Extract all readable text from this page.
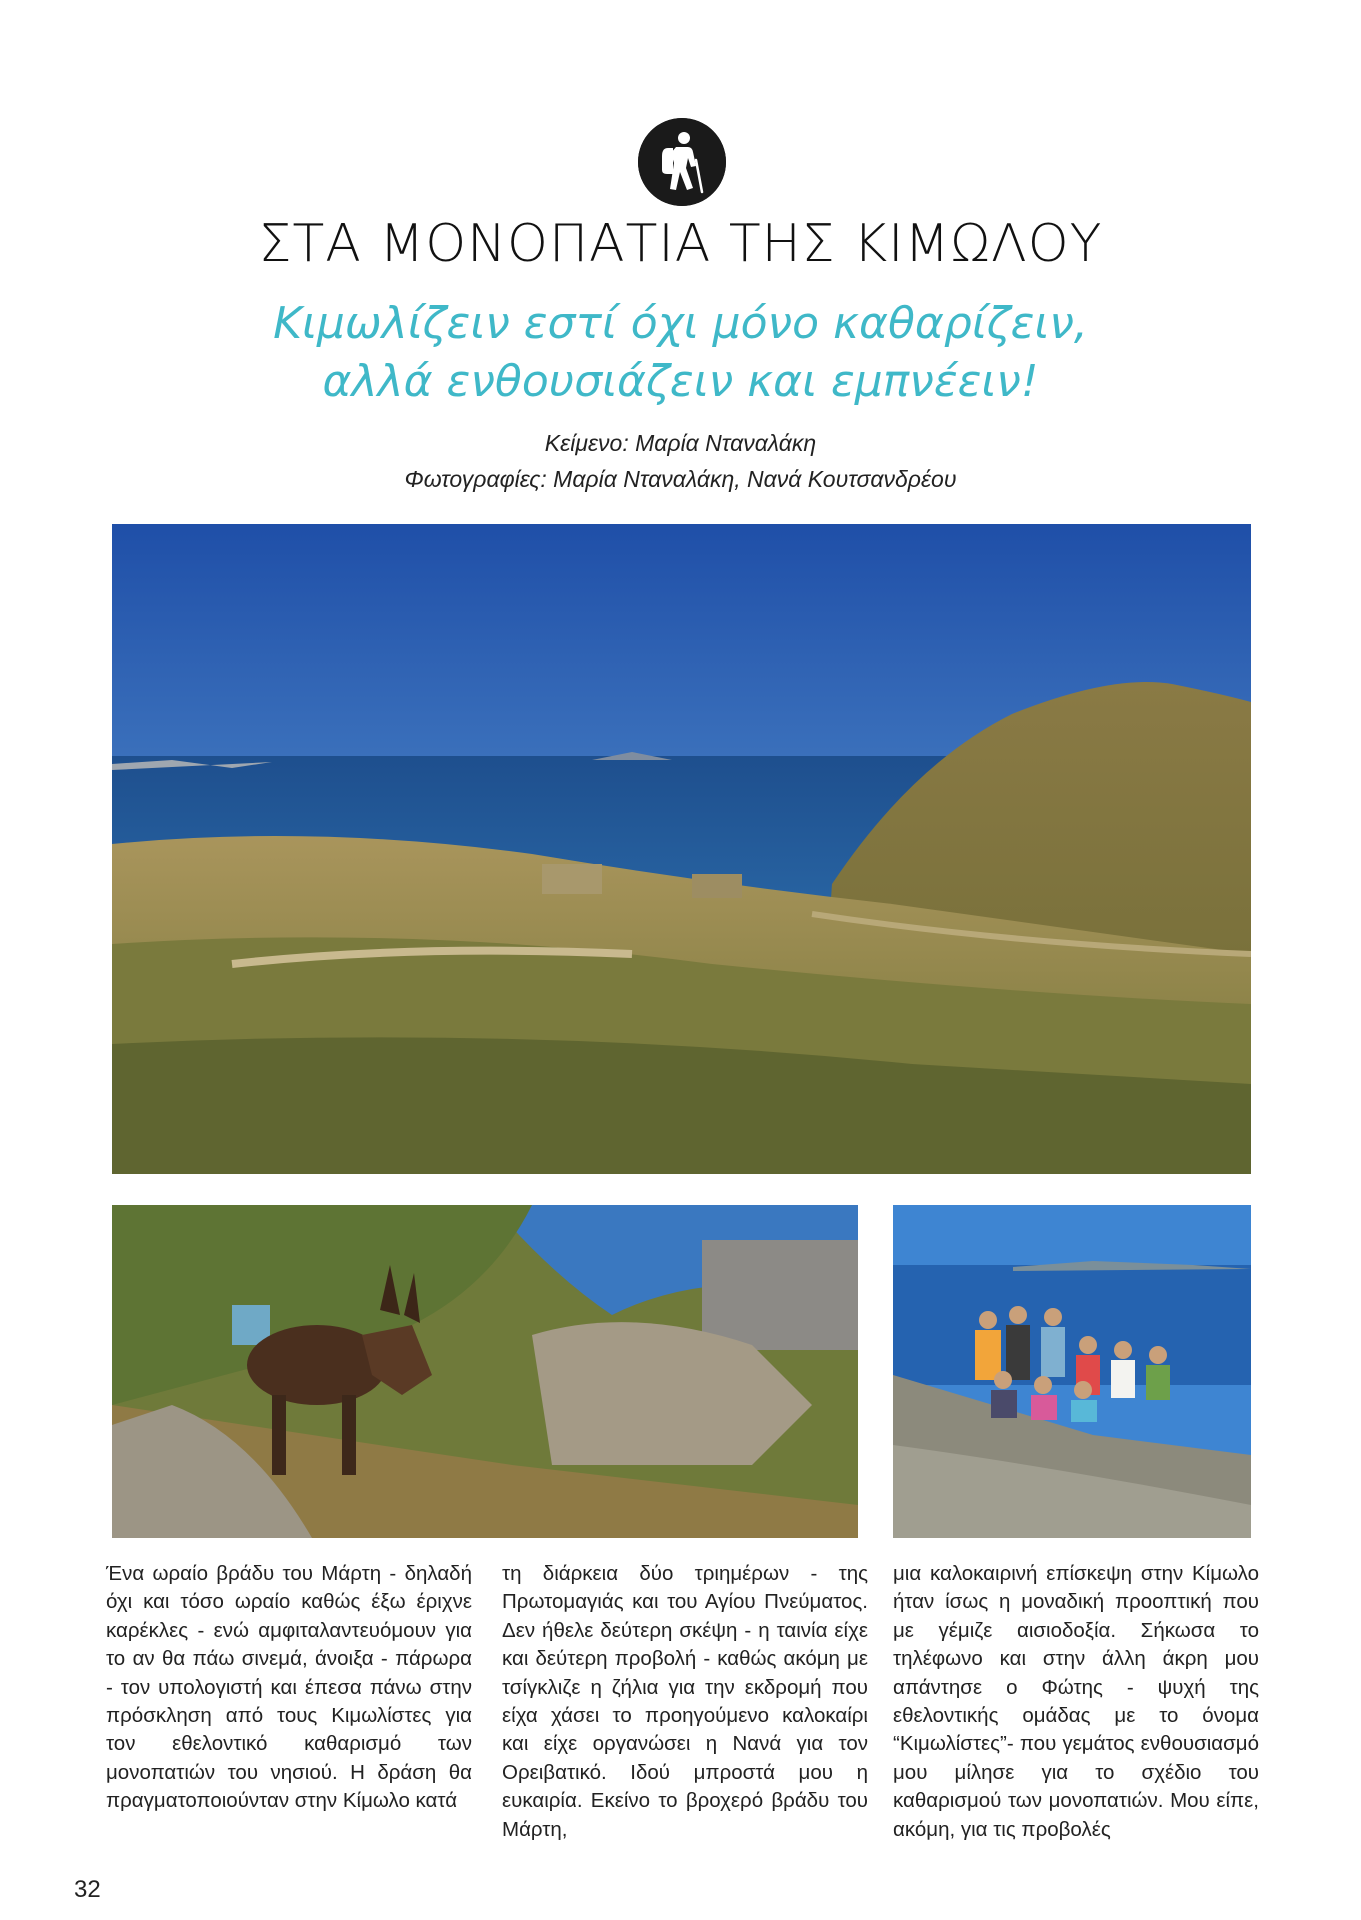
ΣΤΑ ΜΟΝΟΠΑΤΙΑ ΤΗΣ ΚΙΜΩΛΟΥ
Κιμωλίζειν εστί όχι μόνο καθαρίζειν,
αλλά ενθουσιάζειν και εμπνέειν!
Κείμενο: Μαρία Νταναλάκη
Φωτογραφίες: Μαρία Νταναλάκη, Νανά Κουτσανδρέου

Ένα ωραίο βράδυ του Μάρτη - δηλαδή όχι και τόσο ωραίο καθώς έξω έριχνε καρέκλες - ενώ αμφιταλαντευόμουν για το αν θα πάω σινεμά, άνοιξα - πάρωρα - τον υπολογιστή και έπεσα πάνω στην πρόσκληση από τους Κιμωλίστες για τον εθελοντικό καθαρισμό των μονοπατιών του νησιού. Η δράση θα πραγματοποιούνταν στην Κίμωλο κατά

τη διάρκεια δύο τριημέρων - της Πρωτομαγιάς και του Αγίου Πνεύματος. Δεν ήθελε δεύτερη σκέψη - η ταινία είχε και δεύτερη προβολή - καθώς ακόμη με τσίγκλιζε η ζήλια για την εκδρομή που είχα χάσει το προηγούμενο καλοκαίρι και είχε οργανώσει η Νανά για τον Ορειβατικό. Ιδού μπροστά μου η ευκαιρία. Εκείνο το βροχερό βράδυ του Μάρτη,

μια καλοκαιρινή επίσκεψη στην Κίμωλο ήταν ίσως η μοναδική προοπτική που με γέμιζε αισιοδοξία. Σήκωσα το τηλέφωνο και στην άλλη άκρη μου απάντησε ο Φώτης - ψυχή της εθελοντικής ομάδας με το όνομα “Κιμωλίστες”- που γεμάτος ενθουσιασμό μου μίλησε για το σχέδιο του καθαρισμού των μονοπατιών. Μου είπε, ακόμη, για τις προβολές

32
